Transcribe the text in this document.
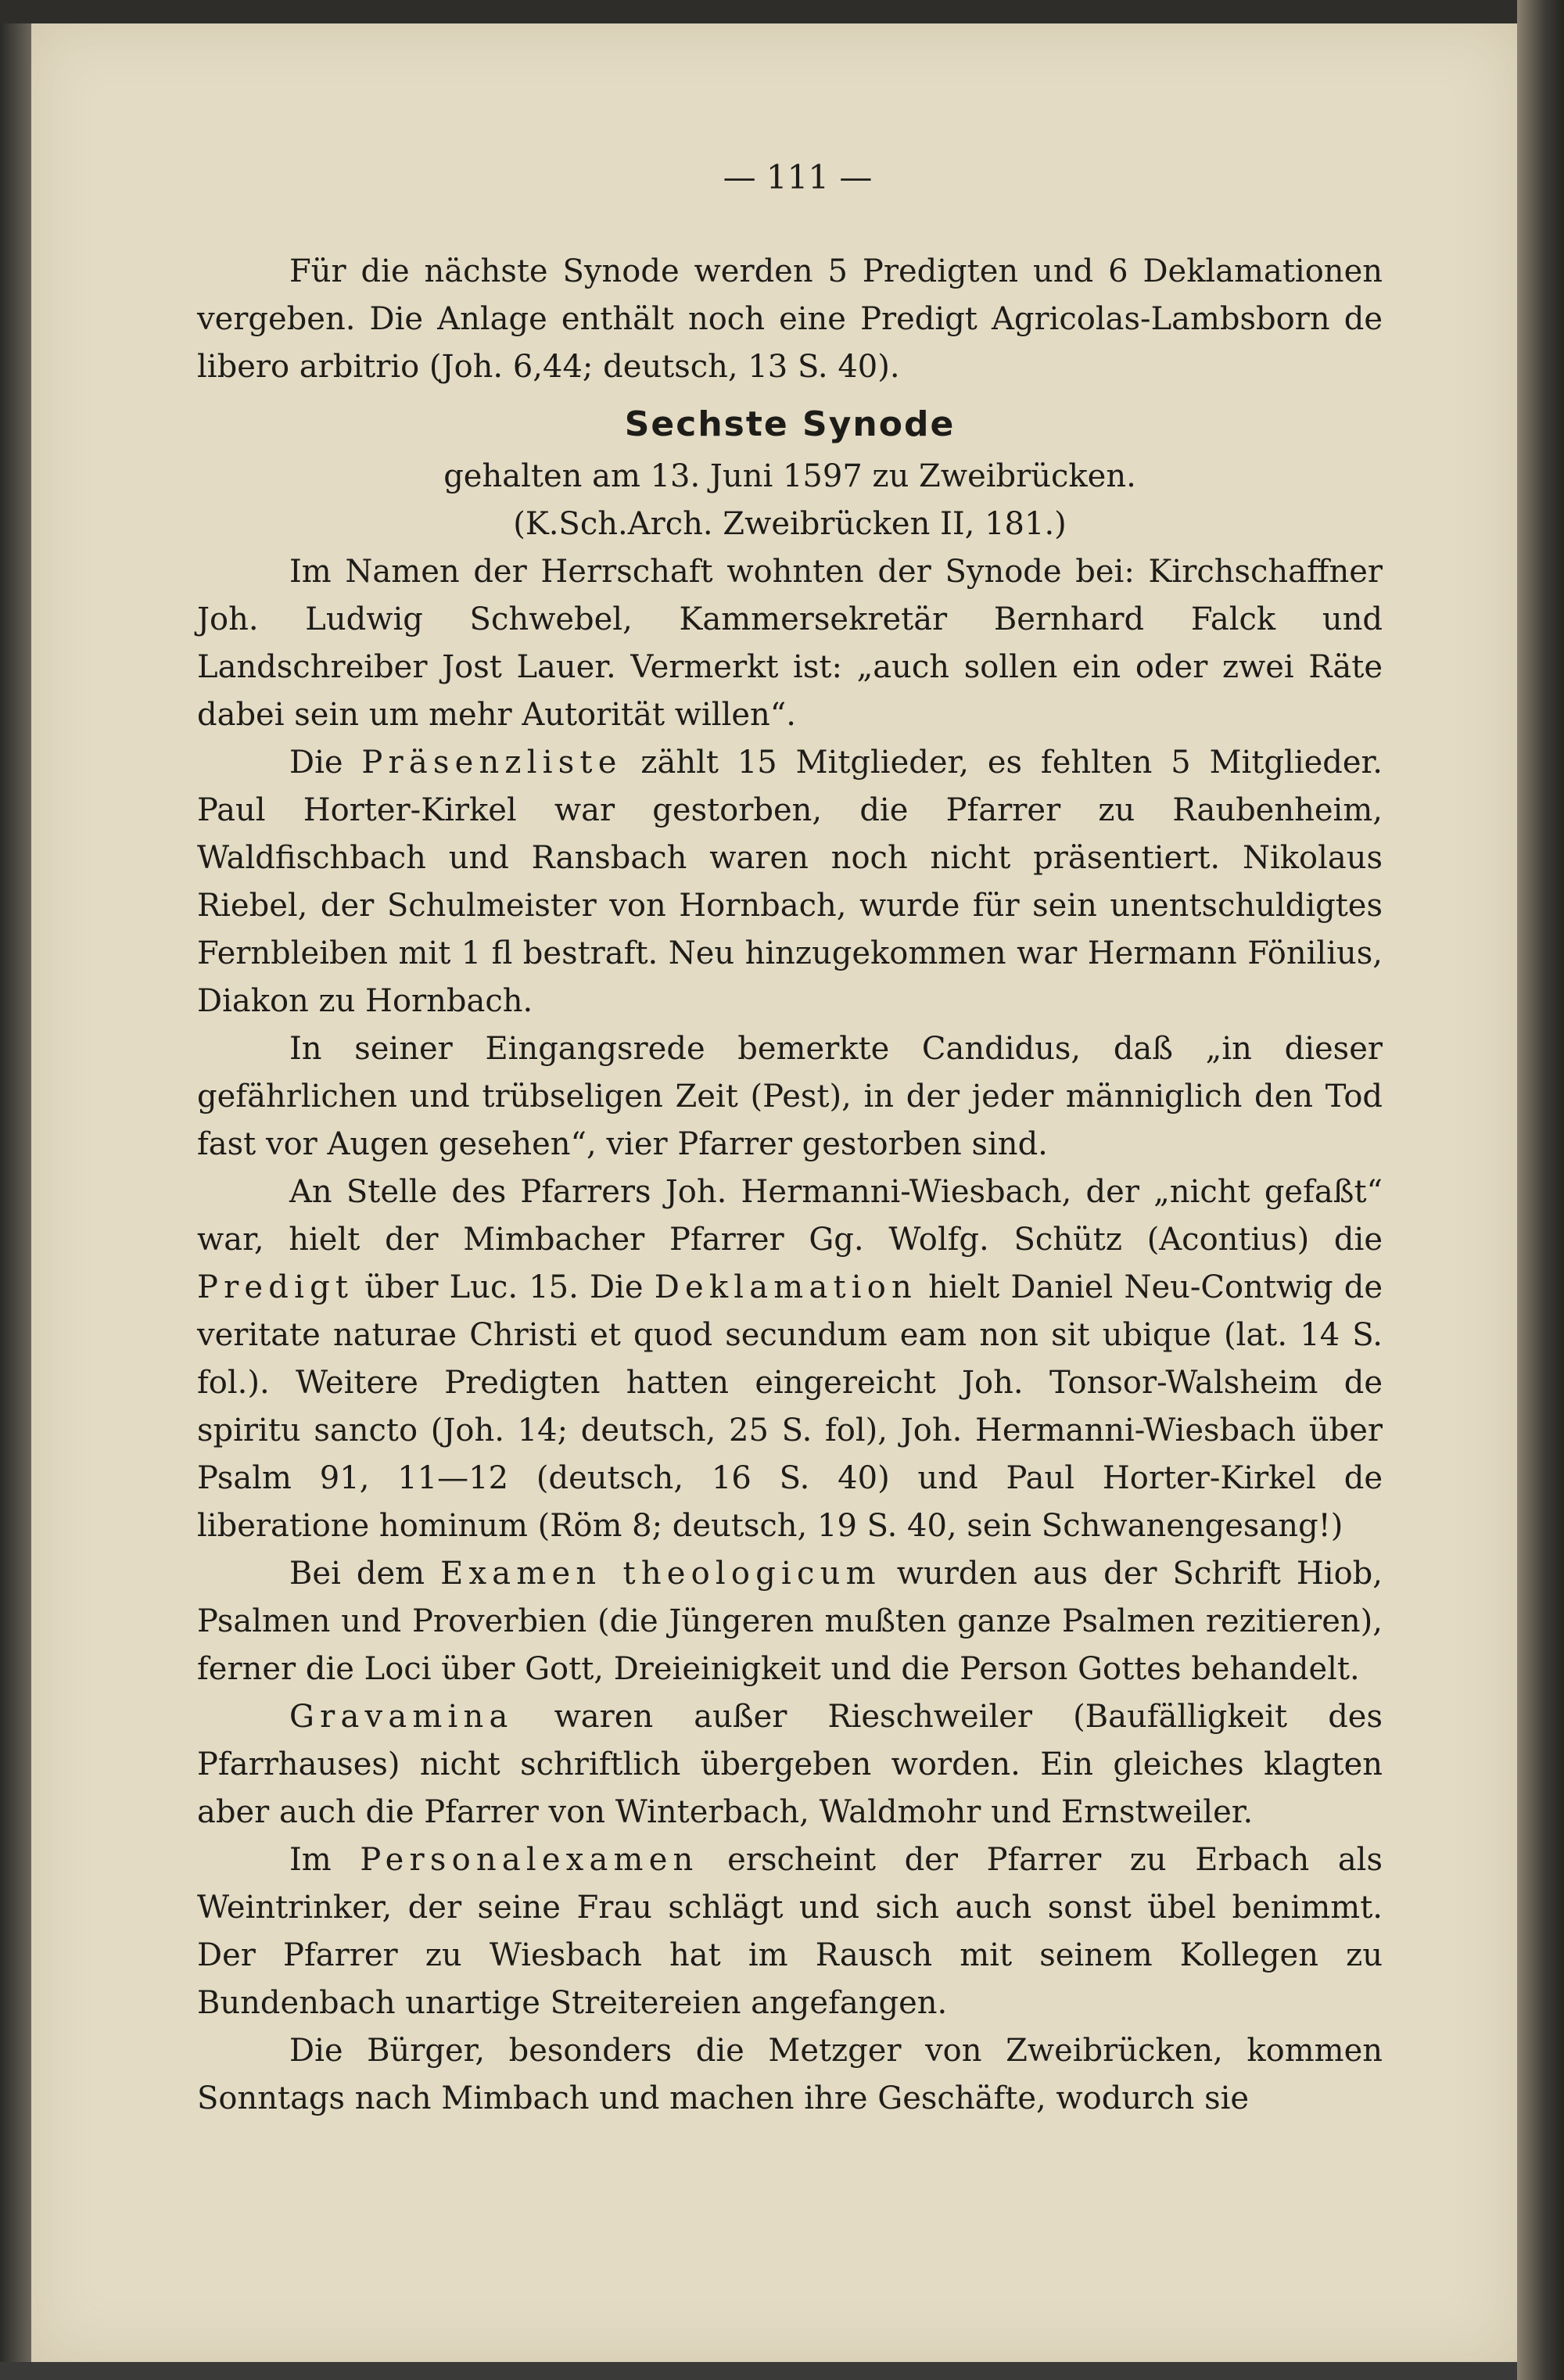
— 111 —

Für die nächste Synode werden 5 Predigten und 6 Deklamationen vergeben. Die Anlage enthält noch eine Predigt Agricolas-Lambsborn de libero arbitrio (Joh. 6,44; deutsch, 13 S. 40).

Sechste Synode
gehalten am 13. Juni 1597 zu Zweibrücken.
(K.Sch.Arch. Zweibrücken II, 181.)

Im Namen der Herrschaft wohnten der Synode bei: Kirchschaffner Joh. Ludwig Schwebel, Kammersekretär Bernhard Falck und Landschreiber Jost Lauer. Vermerkt ist: „auch sollen ein oder zwei Räte dabei sein um mehr Autorität willen“.

Die Präsenzliste zählt 15 Mitglieder, es fehlten 5 Mitglieder. Paul Horter-Kirkel war gestorben, die Pfarrer zu Raubenheim, Waldfischbach und Ransbach waren noch nicht präsentiert. Nikolaus Riebel, der Schulmeister von Hornbach, wurde für sein unentschuldigtes Fernbleiben mit 1 fl bestraft. Neu hinzugekommen war Hermann Fönilius, Diakon zu Hornbach.

In seiner Eingangsrede bemerkte Candidus, daß „in dieser gefährlichen und trübseligen Zeit (Pest), in der jeder männiglich den Tod fast vor Augen gesehen“, vier Pfarrer gestorben sind.

An Stelle des Pfarrers Joh. Hermanni-Wiesbach, der „nicht gefaßt“ war, hielt der Mimbacher Pfarrer Gg. Wolfg. Schütz (Acontius) die Predigt über Luc. 15. Die Deklamation hielt Daniel Neu-Contwig de veritate naturae Christi et quod secundum eam non sit ubique (lat. 14 S. fol.). Weitere Predigten hatten eingereicht Joh. Tonsor-Walsheim de spiritu sancto (Joh. 14; deutsch, 25 S. fol), Joh. Hermanni-Wiesbach über Psalm 91, 11—12 (deutsch, 16 S. 40) und Paul Horter-Kirkel de liberatione hominum (Röm 8; deutsch, 19 S. 40, sein Schwanengesang!)

Bei dem Examen theologicum wurden aus der Schrift Hiob, Psalmen und Proverbien (die Jüngeren mußten ganze Psalmen rezitieren), ferner die Loci über Gott, Dreieinigkeit und die Person Gottes behandelt.

Gravamina waren außer Rieschweiler (Baufälligkeit des Pfarrhauses) nicht schriftlich übergeben worden. Ein gleiches klagten aber auch die Pfarrer von Winterbach, Waldmohr und Ernstweiler.

Im Personalexamen erscheint der Pfarrer zu Erbach als Weintrinker, der seine Frau schlägt und sich auch sonst übel benimmt. Der Pfarrer zu Wiesbach hat im Rausch mit seinem Kollegen zu Bundenbach unartige Streitereien angefangen.

Die Bürger, besonders die Metzger von Zweibrücken, kommen Sonntags nach Mimbach und machen ihre Geschäfte, wodurch sie
